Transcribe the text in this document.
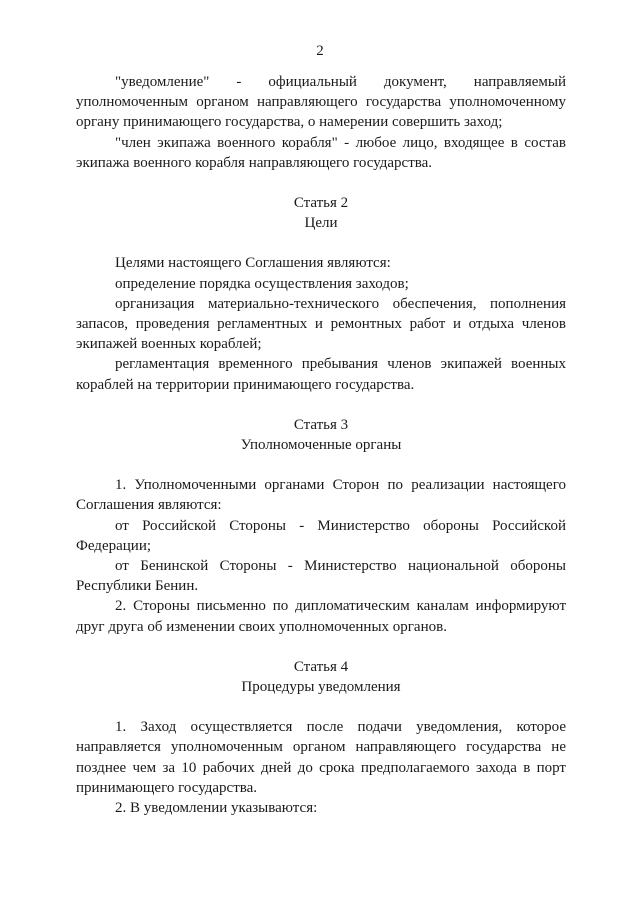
2

"уведомление" - официальный документ, направляемый уполномоченным органом направляющего государства уполномоченному органу принимающего государства, о намерении совершить заход;

"член экипажа военного корабля" - любое лицо, входящее в состав экипажа военного корабля направляющего государства.

Статья 2

Цели

Целями настоящего Соглашения являются:

определение порядка осуществления заходов;

организация материально-технического обеспечения, пополнения запасов, проведения регламентных и ремонтных работ и отдыха членов экипажей военных кораблей;

регламентация временного пребывания членов экипажей военных кораблей на территории принимающего государства.

Статья 3

Уполномоченные органы

1. Уполномоченными органами Сторон по реализации настоящего Соглашения являются:

от Российской Стороны - Министерство обороны Российской Федерации;

от Бенинской Стороны - Министерство национальной обороны Республики Бенин.

2. Стороны письменно по дипломатическим каналам информируют друг друга об изменении своих уполномоченных органов.

Статья 4

Процедуры уведомления

1. Заход осуществляется после подачи уведомления, которое направляется уполномоченным органом направляющего государства не позднее чем за 10 рабочих дней до срока предполагаемого захода в порт принимающего государства.

2. В уведомлении указываются:
